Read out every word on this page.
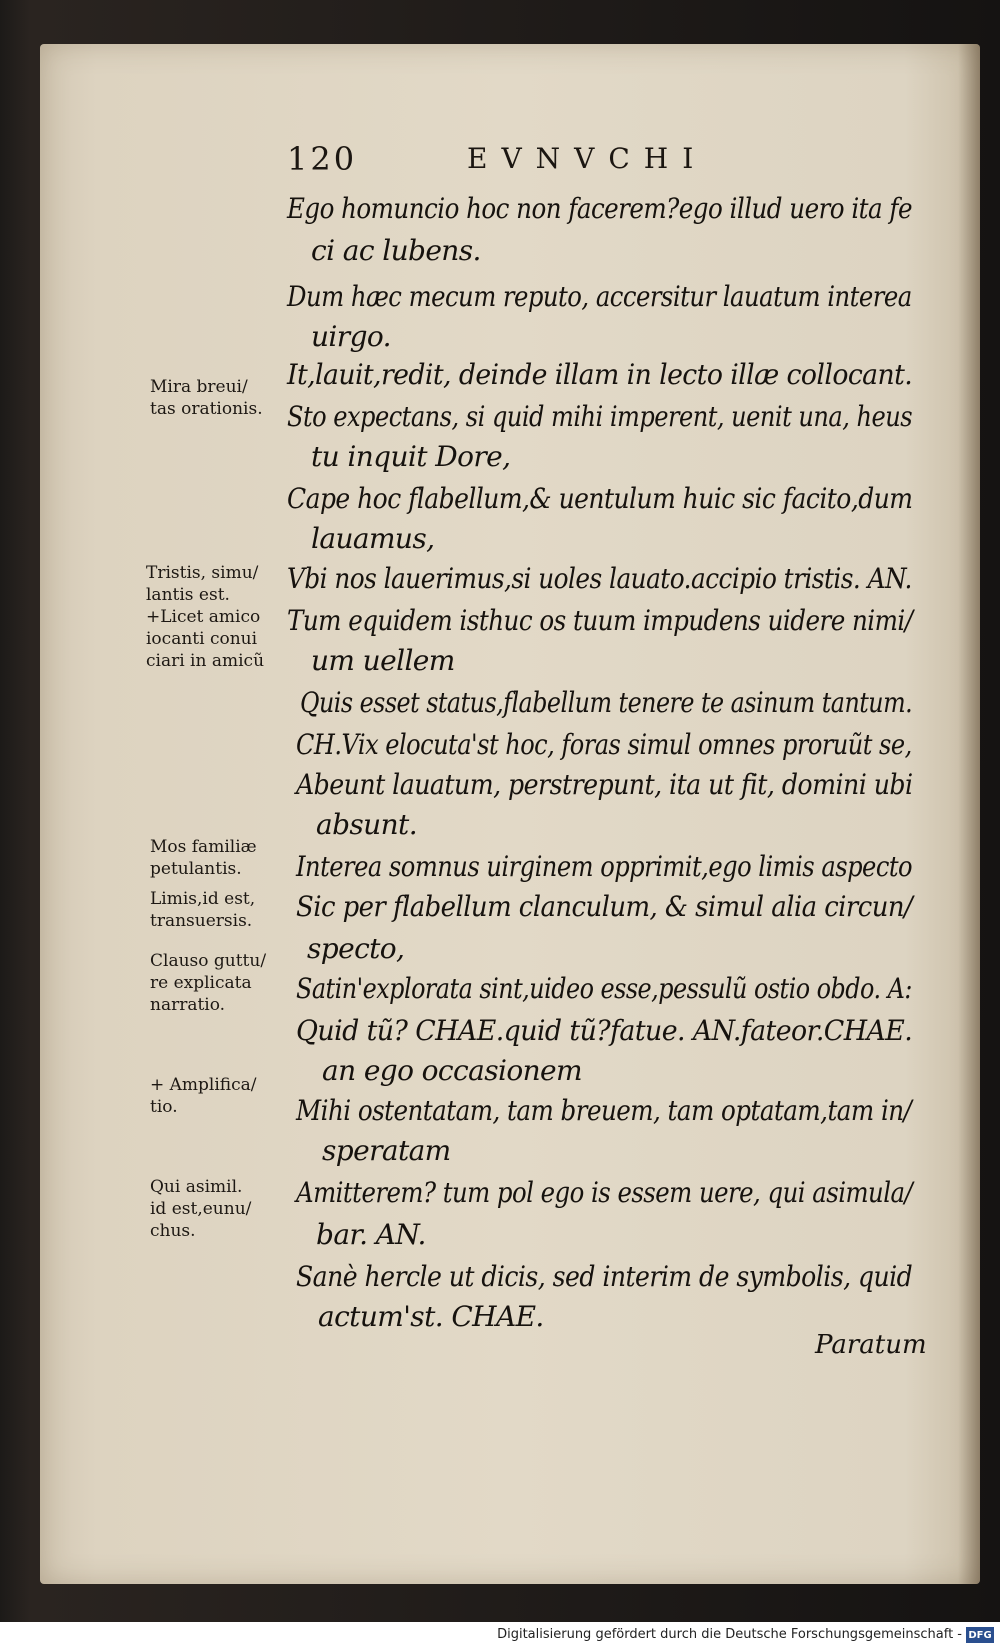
120	EVNVCHI
Ego homuncio hoc non facerem?ego illud uero ita fe
ci ac lubens.
Dum hæc mecum reputo, accersitur lauatum interea
uirgo.
It,lauit,redit, deinde illam in lecto illæ collocant.
Sto expectans, si quid mihi imperent, uenit una, heus
tu inquit Dore,
Cape hoc flabellum,& uentulum huic sic facito,dum
lauamus,
Vbi nos lauerimus,si uoles lauato.accipio tristis. AN.
Tum equidem isthuc os tuum impudens uidere nimi/
um uellem
Quis esset status,flabellum tenere te asinum tantum.
CH.Vix elocuta'st hoc, foras simul omnes proruũt se,
Abeunt lauatum, perstrepunt, ita ut fit, domini ubi
absunt.
Interea somnus uirginem opprimit,ego limis aspecto
Sic per flabellum clanculum, & simul alia circun/
specto,
Satin'explorata sint,uideo esse,pessulũ ostio obdo. A:
Quid tũ? CHAE.quid tũ?fatue. AN.fateor.CHAE.
an ego occasionem
Mihi ostentatam, tam breuem, tam optatam,tam in/
speratam
Amitterem? tum pol ego is essem uere, qui asimula/
bar. AN.
Sanè hercle ut dicis, sed interim de symbolis, quid
actum'st. CHAE.
Mira breui/
tas orationis.
Tristis, simu/
lantis est.
+Licet amico
iocanti conui
ciari in amicũ
Mos familiæ
petulantis.
Limis,id est,
transuersis.
Clauso guttu/
re explicata
narratio.
+ Amplifica/
tio.
Qui asimil.
id est,eunu/
chus.
Paratum
Digitalisierung gefördert durch die Deutsche Forschungsgemeinschaft - DFG
